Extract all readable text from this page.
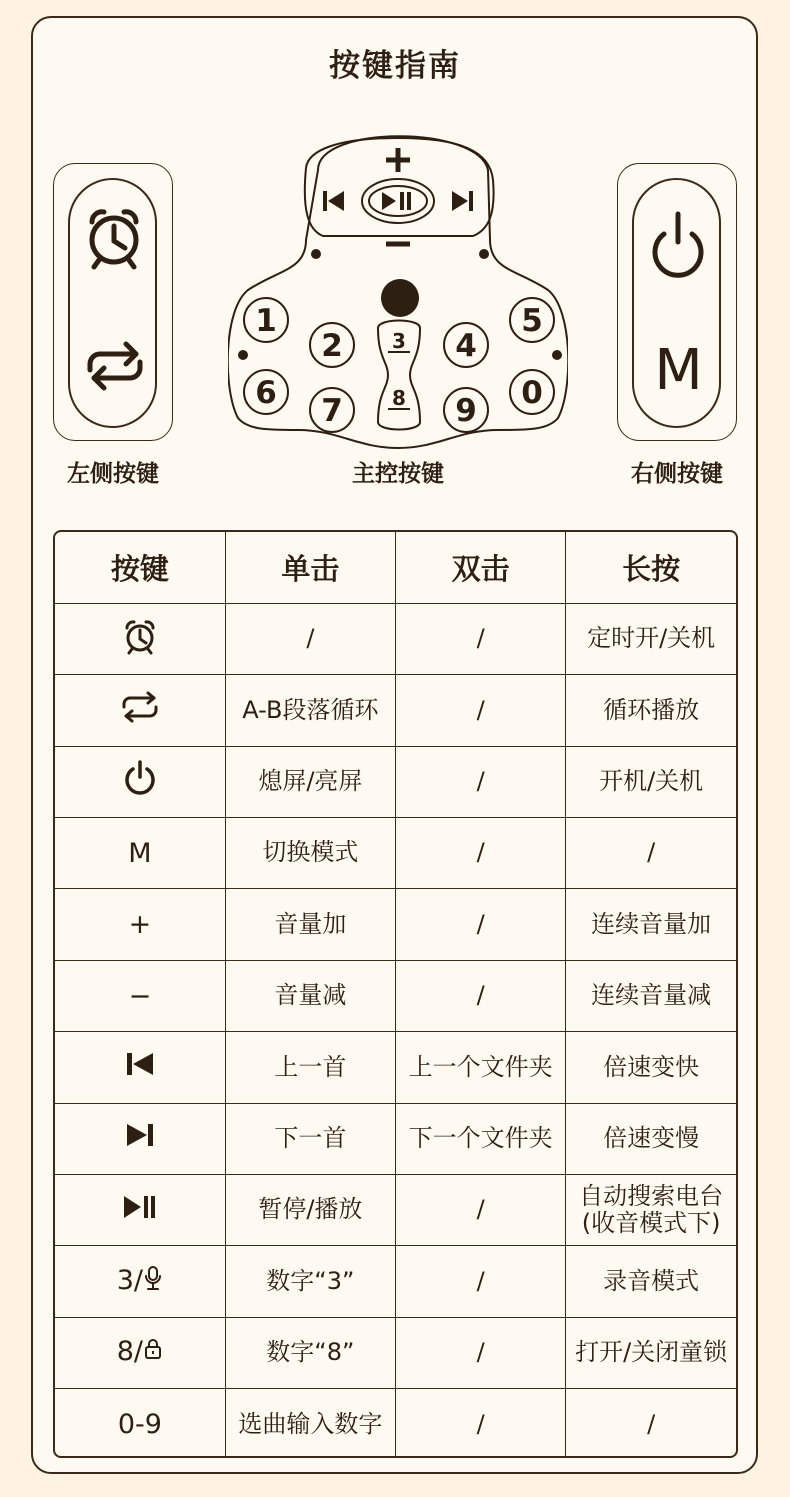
按键指南
左侧按键
M
右侧按键
1
2 3 4
5
6 7 8 9 0
主控按键
按键	单击	双击	长按
	/	/	定时开/关机
	A-B段落循环	/	循环播放
	熄屏/亮屏	/	开机/关机
M	切换模式	/	/
+	音量加	/	连续音量加
−	音量减	/	连续音量减
	上一首	上一个文件夹	倍速变快
	下一首	下一个文件夹	倍速变慢
	暂停/播放	/	自动搜索电台(收音模式下)
3/	数字“3”	/	录音模式
8/	数字“8”	/	打开/关闭童锁
0-9	选曲输入数字	/	/
